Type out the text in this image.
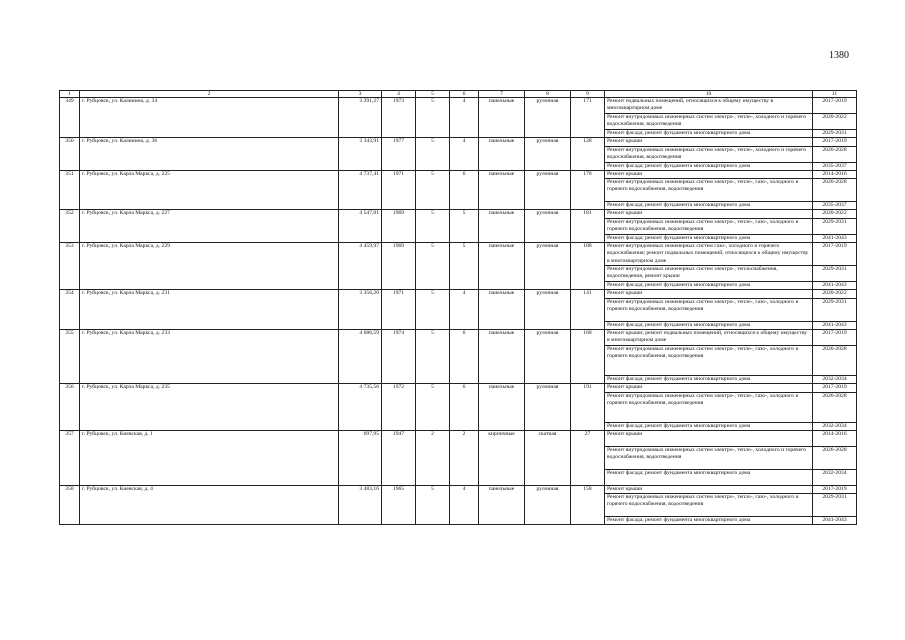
1380
1	2	3	4	5	6	7	8	9	10	11
349	г. Рубцовск, ул. Калинина, д. 34	3 291,27	1973	5	4	панельные	рулонная	171	Ремонт подвальных помещений, относящихся к общему имуществу в многоквартирном доме	2017-2019
									Ремонт внутридомовых инженерных систем электро-, тепло-, холодного и горячего водоснабжения, водоотведения	2020-2022
									Ремонт фасада; ремонт фундамента многоквартирного дома	2029-2031
350	г. Рубцовск, ул. Калинина, д. 36	3 343,91	1977	5	4	панельные	рулонная	128	Ремонт крыши	2017-2019
									Ремонт внутридомовых инженерных систем электро-, тепло-, холодного и горячего водоснабжения, водоотведения	2026-2028
									Ремонт фасада; ремонт фундамента многоквартирного дома	2035-2037
351	г. Рубцовск, ул. Карла Маркса, д. 225	4 737,41	1971	5	6	панельные	рулонная	178	Ремонт крыши	2014-2016
									Ремонт внутридомовых инженерных систем электро-, тепло-, газо-, холодного и горячего водоснабжения, водоотведения	2026-2028
									Ремонт фасада; ремонт фундамента многоквартирного дома	2035-2037
352	г. Рубцовск, ул. Карла Маркса, д. 227	4 547,01	1969	5	5	панельные	рулонная	181	Ремонт крыши	2020-2022
									Ремонт внутридомовых инженерных систем электро-, тепло-, газо-, холодного и горячего водоснабжения, водоотведения	2029-2031
									Ремонт фасада; ремонт фундамента многоквартирного дома	2041-2043
353	г. Рубцовск, ул. Карла Маркса, д. 229	4 459,97	1969	5	5	панельные	рулонная	188	Ремонт внутридомовых инженерных систем газо-, холодного и горячего водоснабжения; ремонт подвальных помещений, относящихся к общему имуществу в многоквартирном доме	2017-2019
									Ремонт внутридомовых инженерных систем электро-, теплоснабжения, водоотведения, ремонт крыши	2029-2031
									Ремонт фасада; ремонт фундамента многоквартирного дома	2041-2043
354	г. Рубцовск, ул. Карла Маркса, д. 231	3 356,20	1971	5	4	панельные	рулонная	141	Ремонт крыши	2020-2022
									Ремонт внутридомовых инженерных систем электро-, тепло-, газо-, холодного и горячего водоснабжения, водоотведения	2029-2031
									Ремонт фасада; ремонт фундамента многоквартирного дома	2041-2043
355	г. Рубцовск, ул. Карла Маркса, д. 233	4 686,59	1974	5	6	панельные	рулонная	168	Ремонт крыши; ремонт подвальных помещений, относящихся к общему имуществу в многоквартирном доме	2017-2019
									Ремонт внутридомовых инженерных систем электро-, тепло-, газо-, холодного и горячего водоснабжения, водоотведения	2026-2028
									Ремонт фасада; ремонт фундамента многоквартирного дома	2032-2034
356	г. Рубцовск, ул. Карла Маркса, д. 235	4 735,56	1972	5	6	панельные	рулонная	191	Ремонт крыши	2017-2019
									Ремонт внутридомовых инженерных систем электро-, тепло-, газо-, холодного и горячего водоснабжения, водоотведения	2026-2028
									Ремонт фасада; ремонт фундамента многоквартирного дома	2032-2034
357	г. Рубцовск, ул. Киевская, д. 1	697,95	1947	2	2	кирпичные	скатная	27	Ремонт крыши	2014-2016
									Ремонт внутридомовых инженерных систем электро-, тепло-, холодного и горячего водоснабжения, водоотведения	2026-2028
									Ремонт фасада; ремонт фундамента многоквартирного дома	2032-2034
358	г. Рубцовск, ул. Киевская, д. 4	3 483,16	1965	5	4	панельные	рулонная	158	Ремонт крыши	2017-2019
									Ремонт внутридомовых инженерных систем электро-, тепло-, газо-, холодного и горячего водоснабжения, водоотведения	2029-2031
									Ремонт фасада; ремонт фундамента многоквартирного дома	2041-2043
